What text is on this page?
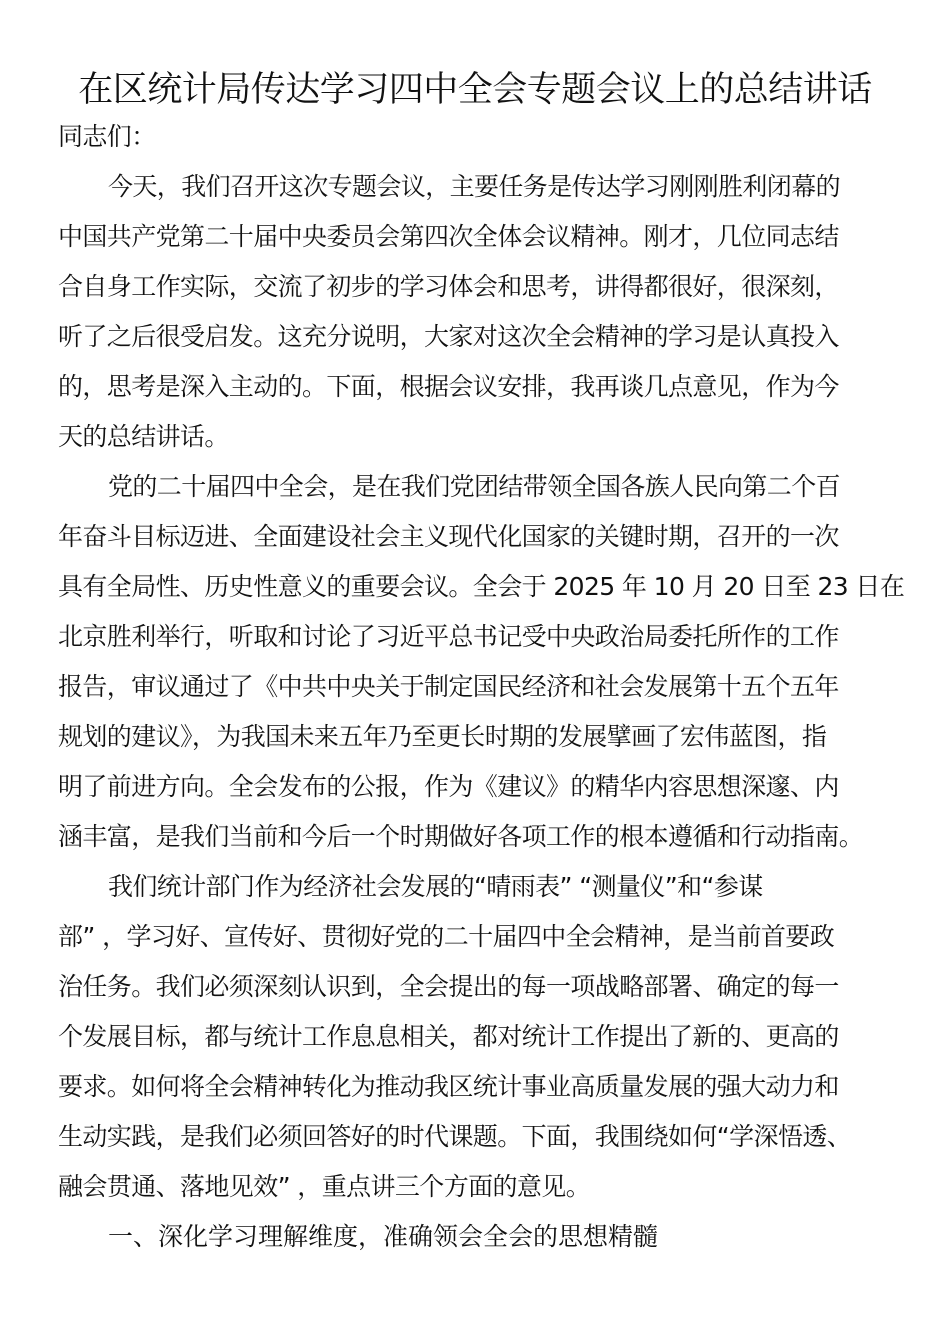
在区统计局传达学习四中全会专题会议上的总结讲话
同志们：
今天，我们召开这次专题会议，主要任务是传达学习刚刚胜利闭幕的
中国共产党第二十届中央委员会第四次全体会议精神。刚才，几位同志结
合自身工作实际，交流了初步的学习体会和思考，讲得都很好，很深刻，
听了之后很受启发。这充分说明，大家对这次全会精神的学习是认真投入
的，思考是深入主动的。下面，根据会议安排，我再谈几点意见，作为今
天的总结讲话。
党的二十届四中全会，是在我们党团结带领全国各族人民向第二个百
年奋斗目标迈进、全面建设社会主义现代化国家的关键时期，召开的一次
具有全局性、历史性意义的重要会议。全会于 2025 年 10 月 20 日至 23 日在
北京胜利举行，听取和讨论了习近平总书记受中央政治局委托所作的工作
报告，审议通过了《中共中央关于制定国民经济和社会发展第十五个五年
规划的建议》，为我国未来五年乃至更长时期的发展擘画了宏伟蓝图，指
明了前进方向。全会发布的公报，作为《建议》的精华内容思想深邃、内
涵丰富，是我们当前和今后一个时期做好各项工作的根本遵循和行动指南。
我们统计部门作为经济社会发展的“晴雨表” “测量仪”和“参谋
部” ，学习好、宣传好、贯彻好党的二十届四中全会精神，是当前首要政
治任务。我们必须深刻认识到，全会提出的每一项战略部署、确定的每一
个发展目标，都与统计工作息息相关，都对统计工作提出了新的、更高的
要求。如何将全会精神转化为推动我区统计事业高质量发展的强大动力和
生动实践，是我们必须回答好的时代课题。下面，我围绕如何“学深悟透、
融会贯通、落地见效” ，重点讲三个方面的意见。
一、深化学习理解维度，准确领会全会的思想精髓
